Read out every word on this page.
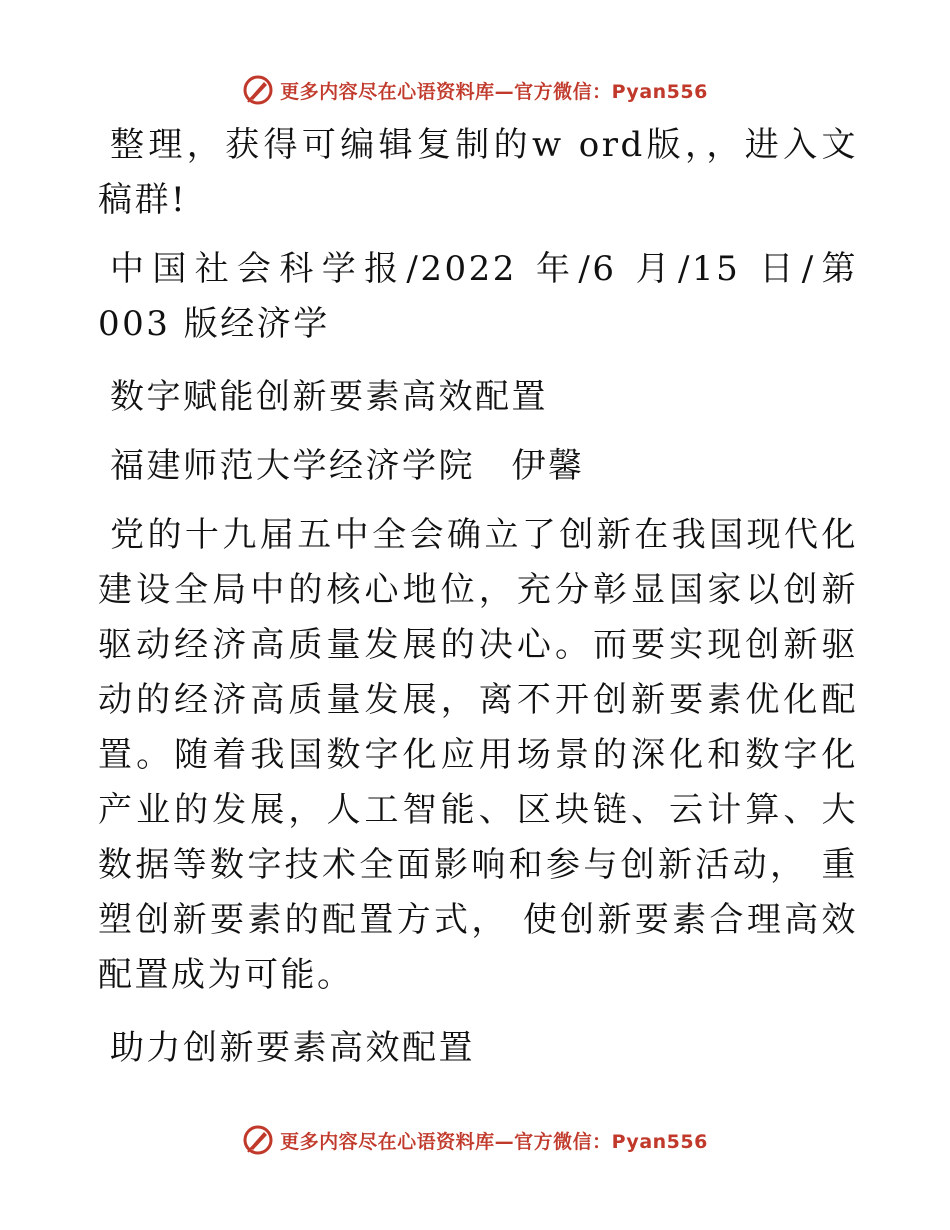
更多内容尽在心语资料库—官方微信：Pyan556

整理，获得可编辑复制的w ord版，，进入文稿群!

中国社会科学报/2022 年/6 月/15 日/第 003 版经济学

数字赋能创新要素高效配置

福建师范大学经济学院　伊馨

党的十九届五中全会确立了创新在我国现代化建设全局中的核心地位，充分彰显国家以创新驱动经济高质量发展的决心。而要实现创新驱动的经济高质量发展，离不开创新要素优化配置。随着我国数字化应用场景的深化和数字化产业的发展，人工智能、区块链、云计算、大数据等数字技术全面影响和参与创新活动， 重塑创新要素的配置方式， 使创新要素合理高效配置成为可能。

助力创新要素高效配置

更多内容尽在心语资料库—官方微信：Pyan556
